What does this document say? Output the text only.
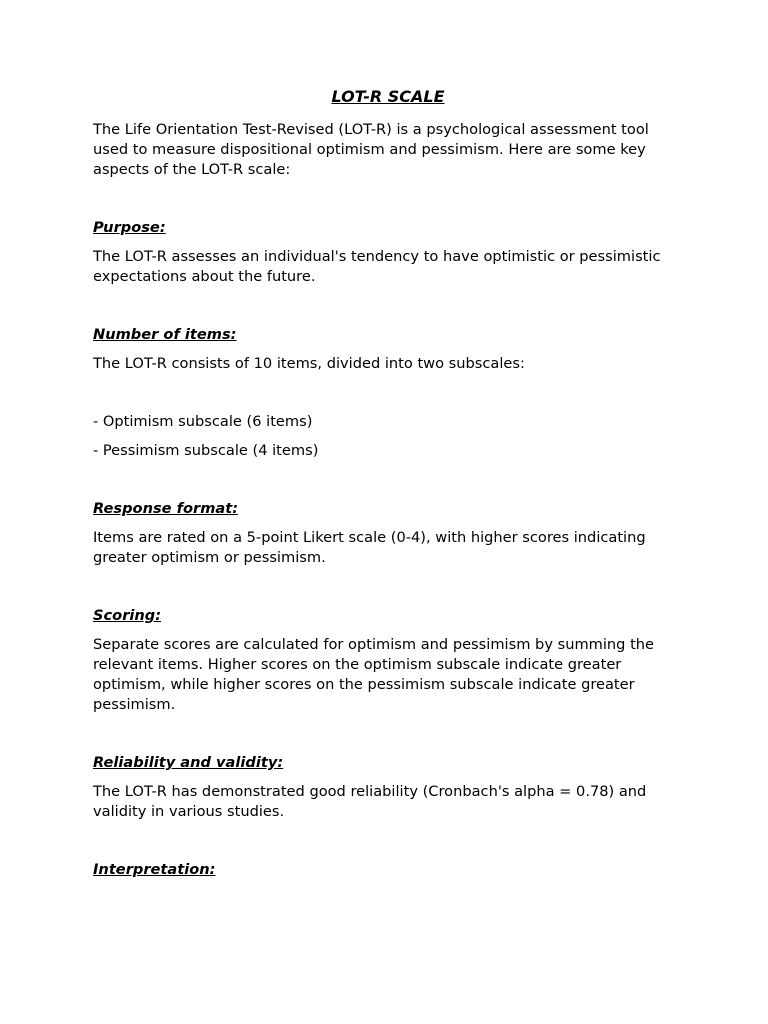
LOT-R SCALE

The Life Orientation Test-Revised (LOT-R) is a psychological assessment tool used to measure dispositional optimism and pessimism. Here are some key aspects of the LOT-R scale:

Purpose:

The LOT-R assesses an individual's tendency to have optimistic or pessimistic expectations about the future.

Number of items:

The LOT-R consists of 10 items, divided into two subscales:

- Optimism subscale (6 items)

- Pessimism subscale (4 items)

Response format:

Items are rated on a 5-point Likert scale (0-4), with higher scores indicating greater optimism or pessimism.

Scoring:

Separate scores are calculated for optimism and pessimism by summing the relevant items. Higher scores on the optimism subscale indicate greater optimism, while higher scores on the pessimism subscale indicate greater pessimism.

Reliability and validity:

The LOT-R has demonstrated good reliability (Cronbach's alpha = 0.78) and validity in various studies.

Interpretation:
